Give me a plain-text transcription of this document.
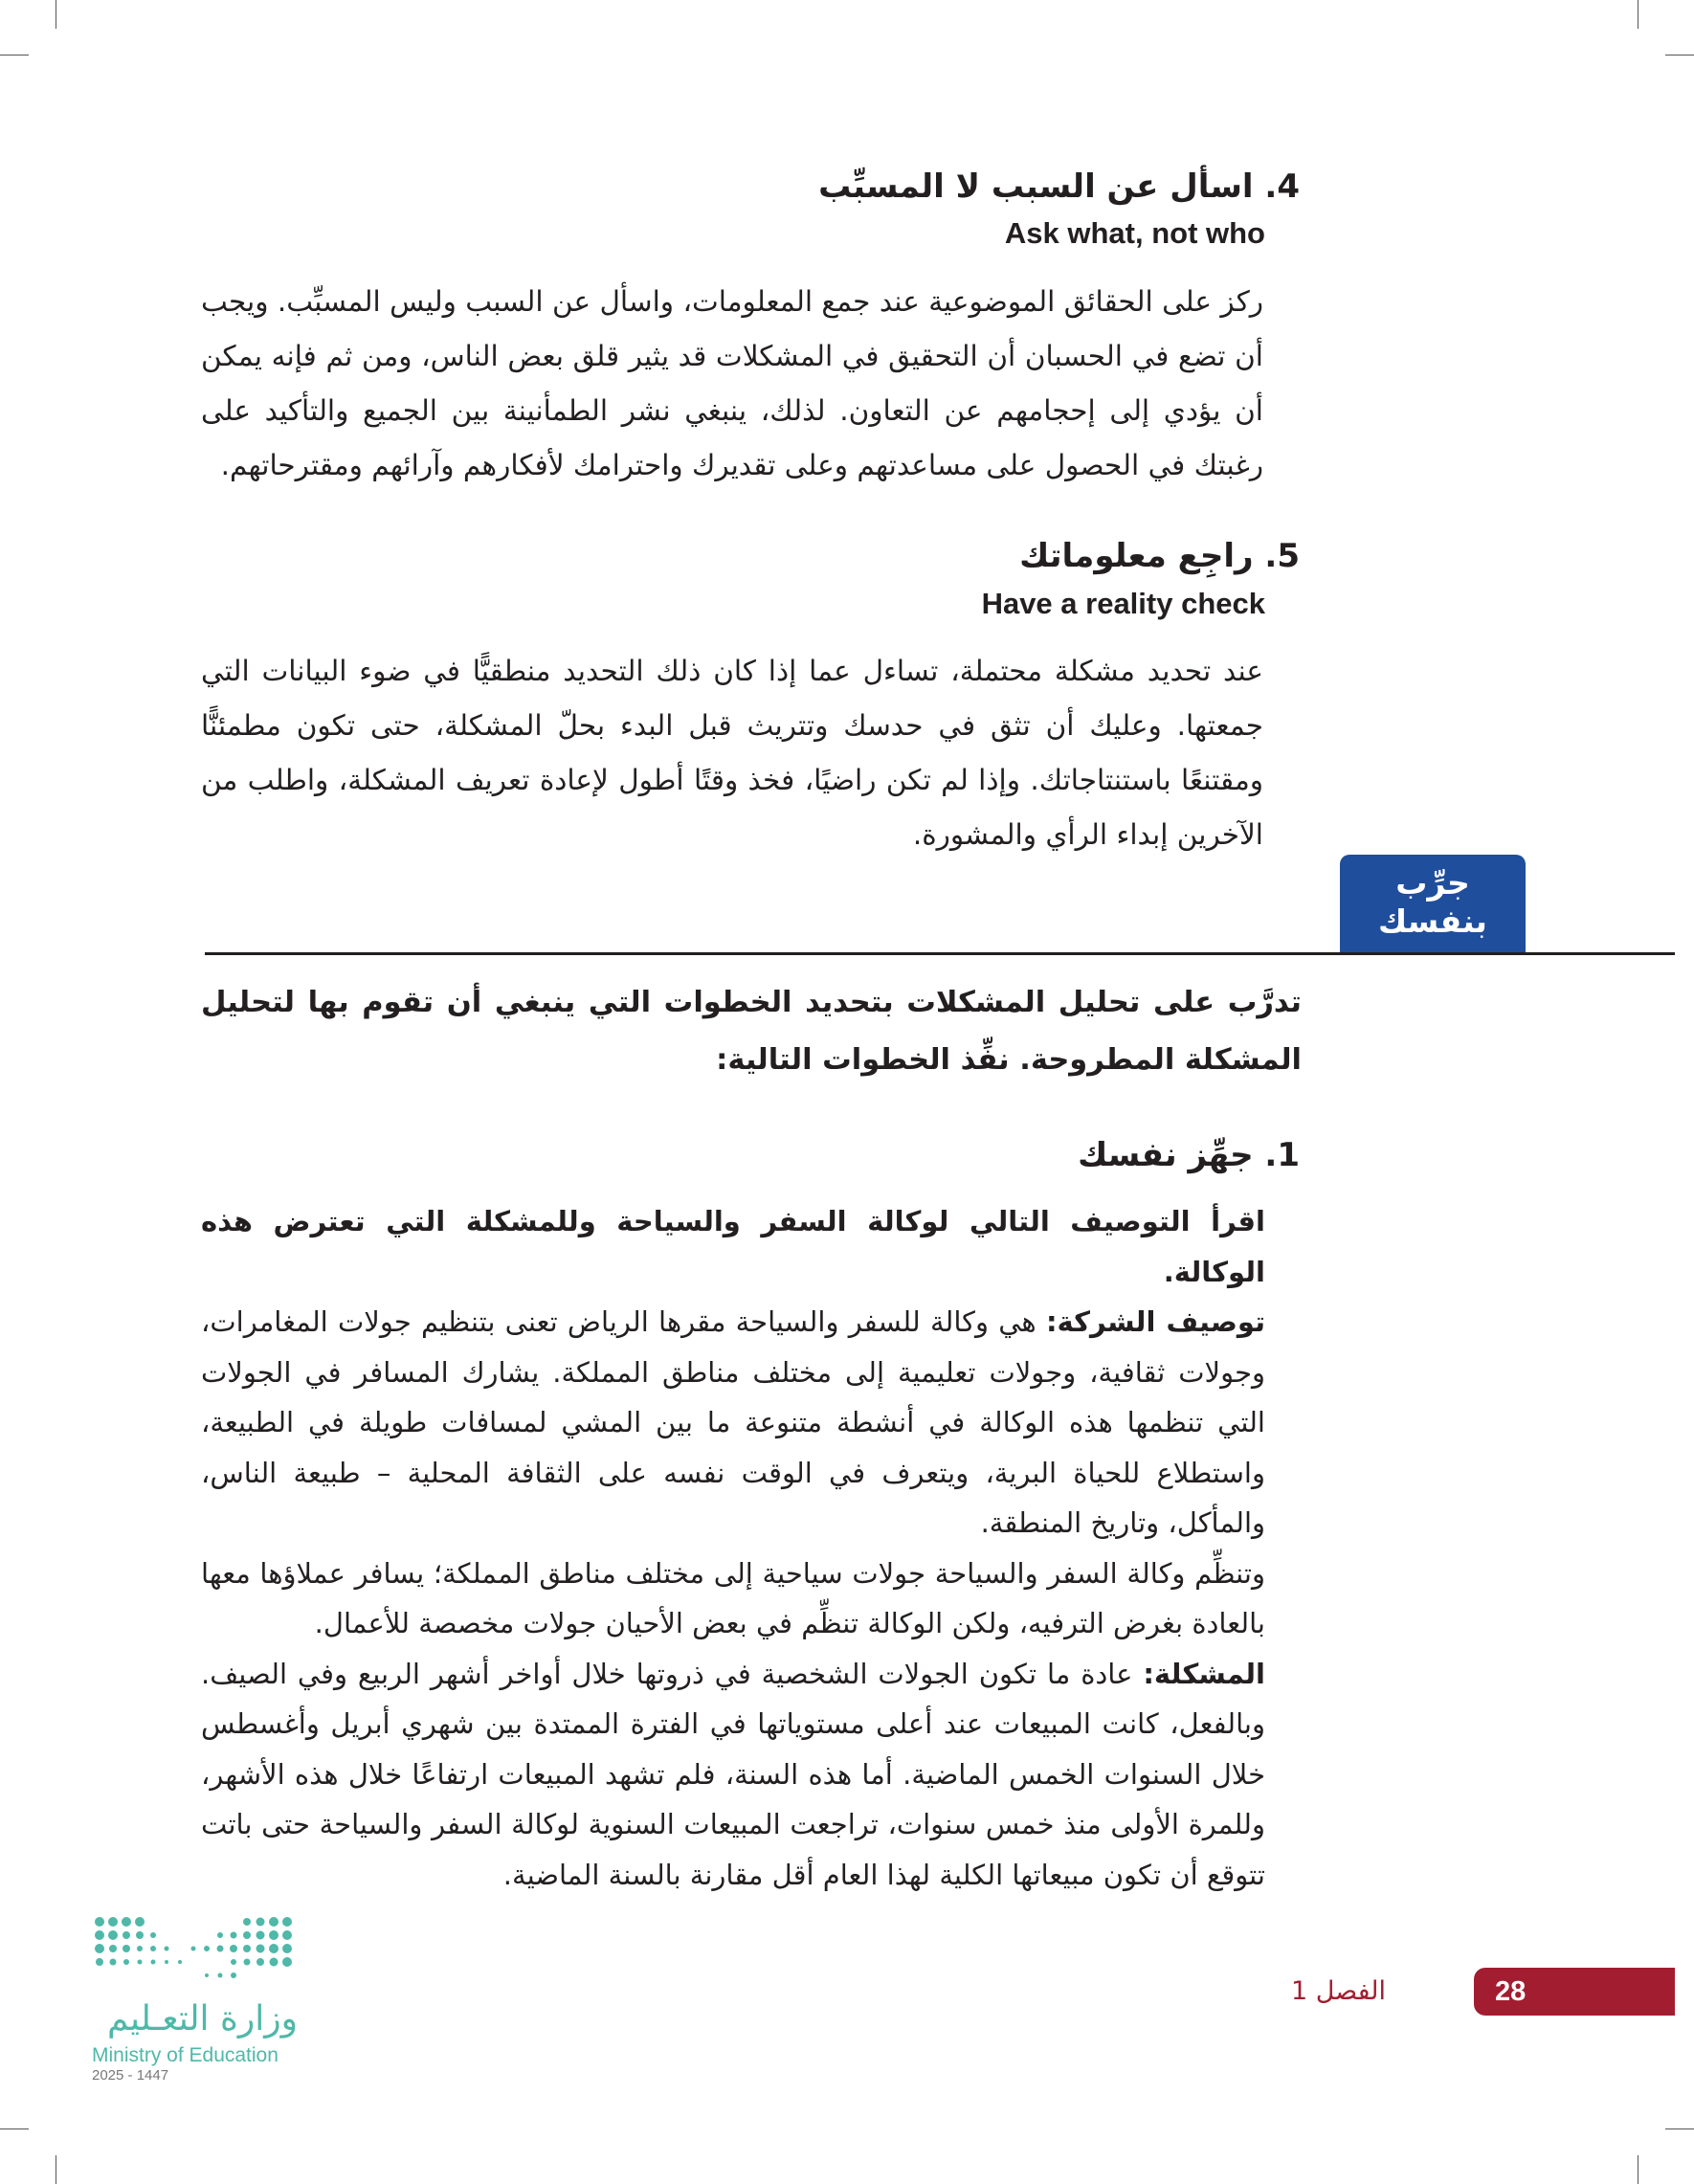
4. اسأل عن السبب لا المسبِّب
Ask what, not who

ركز على الحقائق الموضوعية عند جمع المعلومات، واسأل عن السبب وليس المسبِّب. ويجب أن تضع في الحسبان أن التحقيق في المشكلات قد يثير قلق بعض الناس، ومن ثم فإنه يمكن أن يؤدي إلى إحجامهم عن التعاون. لذلك، ينبغي نشر الطمأنينة بين الجميع والتأكيد على رغبتك في الحصول على مساعدتهم وعلى تقديرك واحترامك لأفكارهم وآرائهم ومقترحاتهم.

5. راجِع معلوماتك
Have a reality check

عند تحديد مشكلة محتملة، تساءل عما إذا كان ذلك التحديد منطقيًّا في ضوء البيانات التي جمعتها. وعليك أن تثق في حدسك وتتريث قبل البدء بحلّ المشكلة، حتى تكون مطمئنًّا ومقتنعًا باستنتاجاتك. وإذا لم تكن راضيًا، فخذ وقتًا أطول لإعادة تعريف المشكلة، واطلب من الآخرين إبداء الرأي والمشورة.

جرِّب
بنفسك

تدرَّب على تحليل المشكلات بتحديد الخطوات التي ينبغي أن تقوم بها لتحليل المشكلة المطروحة. نفِّذ الخطوات التالية:

1. جهِّز نفسك

اقرأ التوصيف التالي لوكالة السفر والسياحة وللمشكلة التي تعترض هذه الوكالة.

توصيف الشركة: هي وكالة للسفر والسياحة مقرها الرياض تعنى بتنظيم جولات المغامرات، وجولات ثقافية، وجولات تعليمية إلى مختلف مناطق المملكة. يشارك المسافر في الجولات التي تنظمها هذه الوكالة في أنشطة متنوعة ما بين المشي لمسافات طويلة في الطبيعة، واستطلاع للحياة البرية، ويتعرف في الوقت نفسه على الثقافة المحلية – طبيعة الناس، والمأكل، وتاريخ المنطقة.

وتنظِّم وكالة السفر والسياحة جولات سياحية إلى مختلف مناطق المملكة؛ يسافر عملاؤها معها بالعادة بغرض الترفيه، ولكن الوكالة تنظِّم في بعض الأحيان جولات مخصصة للأعمال.

المشكلة: عادة ما تكون الجولات الشخصية في ذروتها خلال أواخر أشهر الربيع وفي الصيف. وبالفعل، كانت المبيعات عند أعلى مستوياتها في الفترة الممتدة بين شهري أبريل وأغسطس خلال السنوات الخمس الماضية. أما هذه السنة، فلم تشهد المبيعات ارتفاعًا خلال هذه الأشهر، وللمرة الأولى منذ خمس سنوات، تراجعت المبيعات السنوية لوكالة السفر والسياحة حتى باتت تتوقع أن تكون مبيعاتها الكلية لهذا العام أقل مقارنة بالسنة الماضية.

وزارة التعـليم
Ministry of Education
2025 - 1447
الفصل 1	28
